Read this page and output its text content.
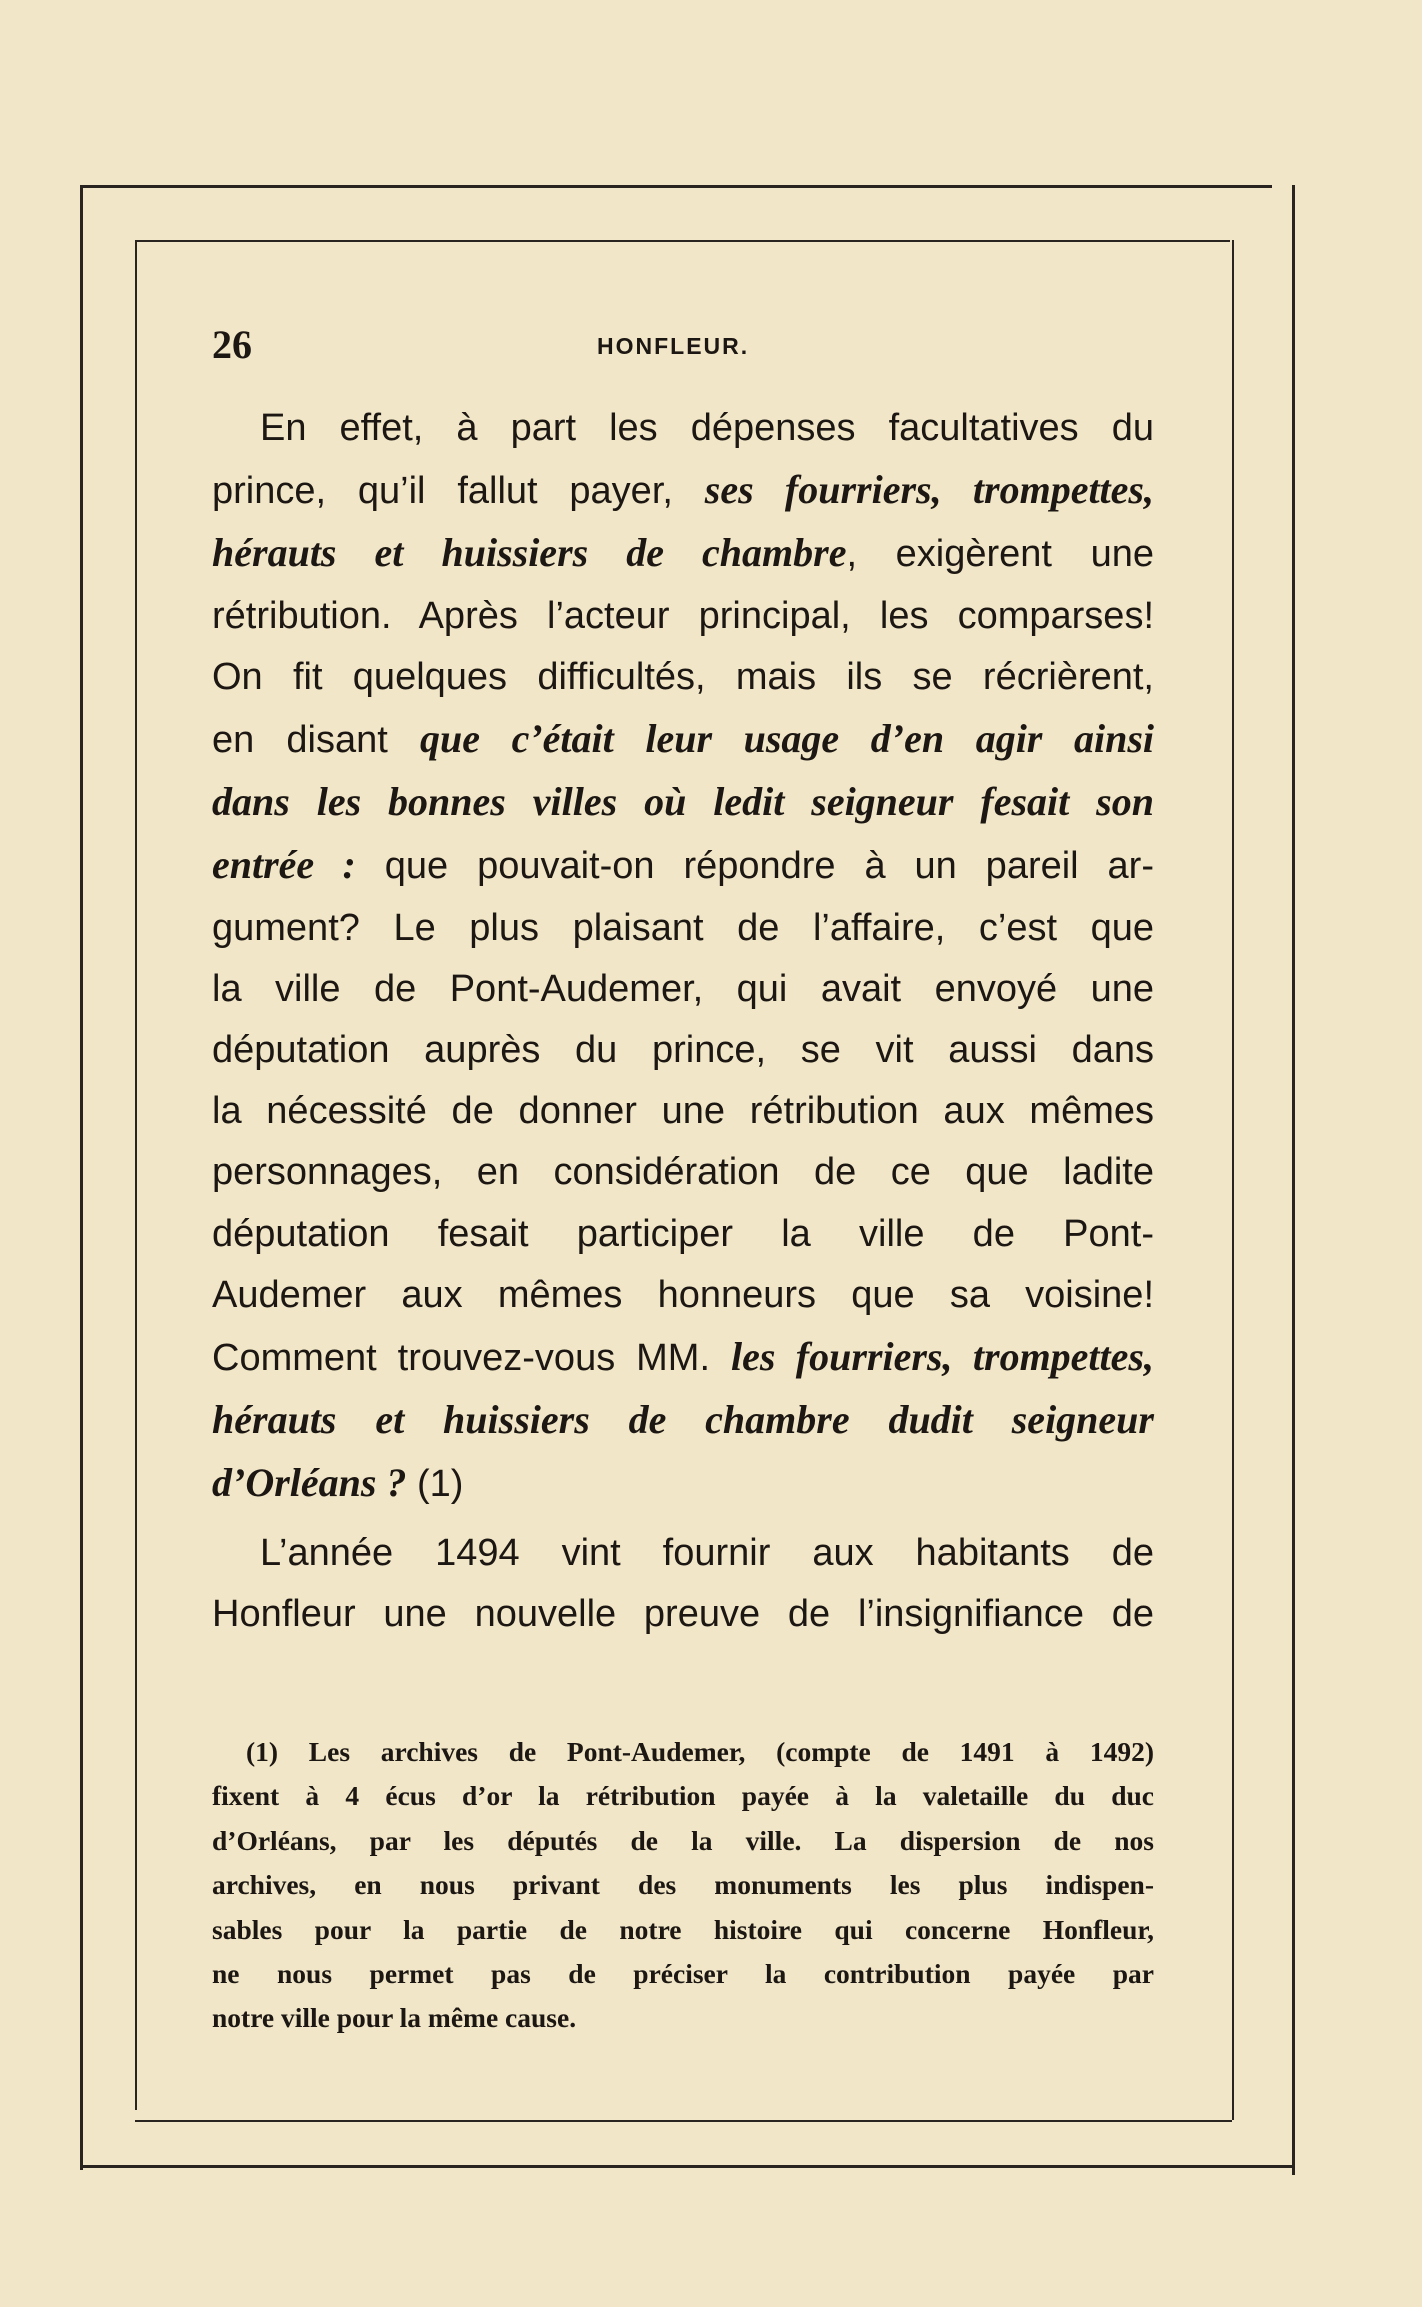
26	HONFLEUR.
En effet, à part les dépenses facultatives du
prince, qu’il fallut payer, ses fourriers, trompettes,
hérauts et huissiers de chambre, exigèrent une
rétribution. Après l’acteur principal, les comparses!
On fit quelques difficultés, mais ils se récrièrent,
en disant que c’était leur usage d’en agir ainsi
dans les bonnes villes où ledit seigneur fesait son
entrée : que pouvait-on répondre à un pareil ar-
gument? Le plus plaisant de l’affaire, c’est que
la ville de Pont-Audemer, qui avait envoyé une
députation auprès du prince, se vit aussi dans
la nécessité de donner une rétribution aux mêmes
personnages, en considération de ce que ladite
députation fesait participer la ville de Pont-
Audemer aux mêmes honneurs que sa voisine!
Comment trouvez-vous MM. les fourriers, trompettes,
hérauts et huissiers de chambre dudit seigneur
d’Orléans ? (1)
L’année 1494 vint fournir aux habitants de
Honfleur une nouvelle preuve de l’insignifiance de
(1) Les archives de Pont-Audemer, (compte de 1491 à 1492)
fixent à 4 écus d’or la rétribution payée à la valetaille du duc
d’Orléans, par les députés de la ville. La dispersion de nos
archives, en nous privant des monuments les plus indispen-
sables pour la partie de notre histoire qui concerne Honfleur,
ne nous permet pas de préciser la contribution payée par
notre ville pour la même cause.
